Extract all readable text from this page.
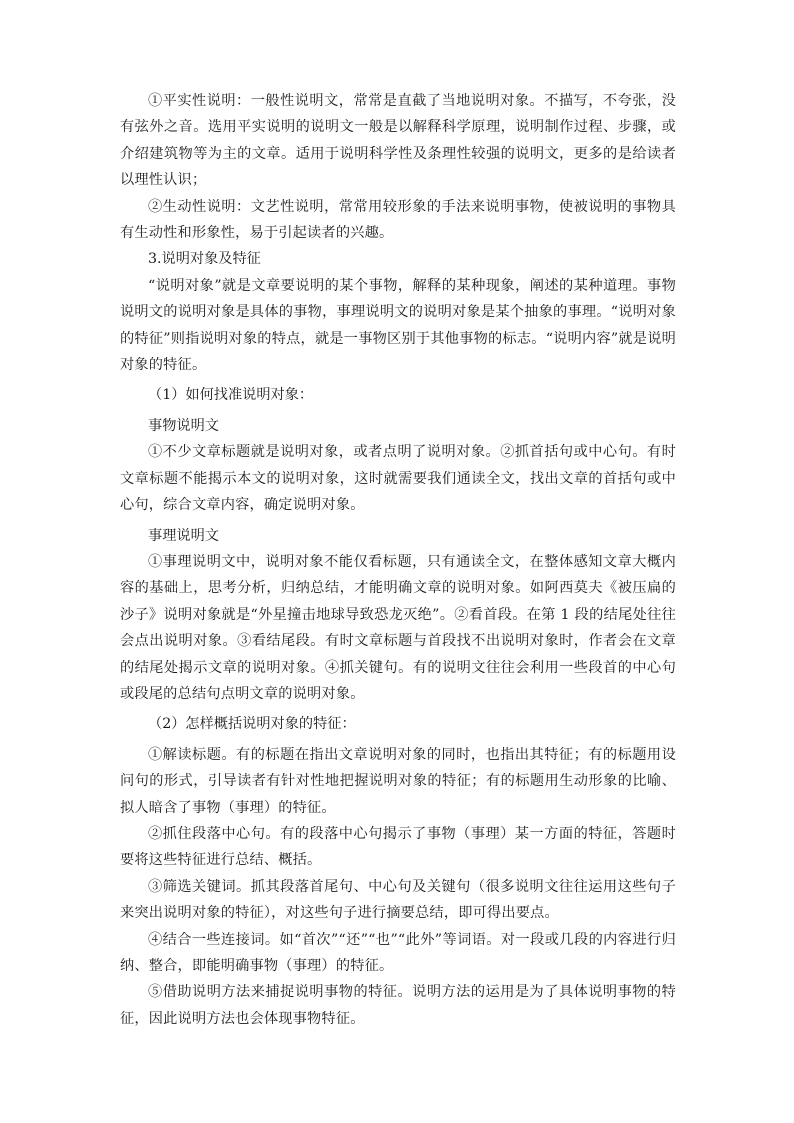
①平实性说明：一般性说明文，常常是直截了当地说明对象。不描写，不夸张，没有弦外之音。选用平实说明的说明文一般是以解释科学原理，说明制作过程、步骤，或介绍建筑物等为主的文章。适用于说明科学性及条理性较强的说明文，更多的是给读者以理性认识；

②生动性说明：文艺性说明，常常用较形象的手法来说明事物，使被说明的事物具有生动性和形象性，易于引起读者的兴趣。

3.说明对象及特征

“说明对象”就是文章要说明的某个事物，解释的某种现象，阐述的某种道理。事物说明文的说明对象是具体的事物，事理说明文的说明对象是某个抽象的事理。“说明对象的特征”则指说明对象的特点，就是一事物区别于其他事物的标志。“说明内容”就是说明对象的特征。

（1）如何找准说明对象：

事物说明文

①不少文章标题就是说明对象，或者点明了说明对象。②抓首括句或中心句。有时文章标题不能揭示本文的说明对象，这时就需要我们通读全文，找出文章的首括句或中心句，综合文章内容，确定说明对象。

事理说明文

①事理说明文中，说明对象不能仅看标题，只有通读全文，在整体感知文章大概内容的基础上，思考分析，归纳总结，才能明确文章的说明对象。如阿西莫夫《被压扁的沙子》说明对象就是“外星撞击地球导致恐龙灭绝”。②看首段。在第 1 段的结尾处往往会点出说明对象。③看结尾段。有时文章标题与首段找不出说明对象时，作者会在文章的结尾处揭示文章的说明对象。④抓关键句。有的说明文往往会利用一些段首的中心句或段尾的总结句点明文章的说明对象。

（2）怎样概括说明对象的特征：

①解读标题。有的标题在指出文章说明对象的同时，也指出其特征；有的标题用设问句的形式，引导读者有针对性地把握说明对象的特征；有的标题用生动形象的比喻、拟人暗含了事物（事理）的特征。

②抓住段落中心句。有的段落中心句揭示了事物（事理）某一方面的特征，答题时要将这些特征进行总结、概括。

③筛选关键词。抓其段落首尾句、中心句及关键句（很多说明文往往运用这些句子来突出说明对象的特征），对这些句子进行摘要总结，即可得出要点。

④结合一些连接词。如“首次”“还”“也”“此外”等词语。对一段或几段的内容进行归纳、整合，即能明确事物（事理）的特征。

⑤借助说明方法来捕捉说明事物的特征。说明方法的运用是为了具体说明事物的特征，因此说明方法也会体现事物特征。
